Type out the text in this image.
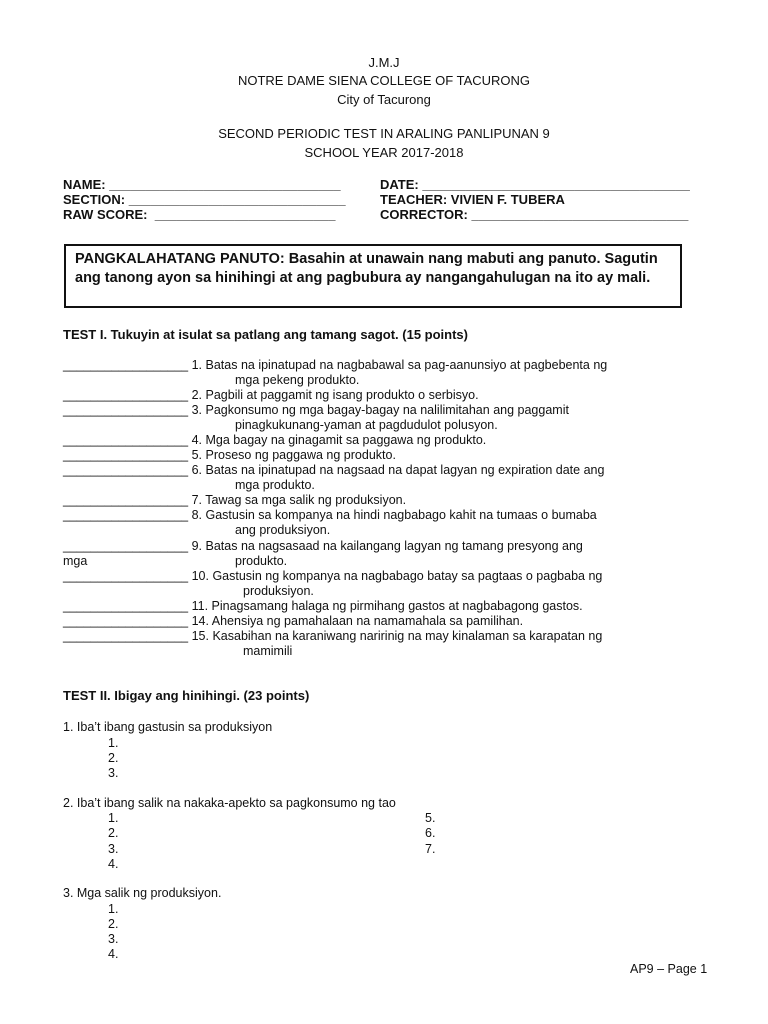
J.M.J
NOTRE DAME SIENA COLLEGE OF TACURONG
City of Tacurong
SECOND PERIODIC TEST IN ARALING PANLIPUNAN 9
SCHOOL YEAR 2017-2018
NAME: ________________________________	DATE: _____________________________________
SECTION: ______________________________	TEACHER: VIVIEN F. TUBERA
RAW SCORE:  _________________________	CORRECTOR: ______________________________
PANGKALAHATANG PANUTO: Basahin at unawain nang mabuti ang panuto. Sagutin ang tanong ayon sa hinihingi at ang pagbubura ay nangangahulugan na ito ay mali.
TEST I. Tukuyin at isulat sa patlang ang tamang sagot. (15 points)
__________________ 1. Batas na ipinatupad na nagbabawal sa pag-aanunsiyo at pagbebenta ng
mga pekeng produkto.
__________________ 2. Pagbili at paggamit ng isang produkto o serbisyo.
__________________ 3. Pagkonsumo ng mga bagay-bagay na nalilimitahan ang paggamit
pinagkukunang-yaman at pagdudulot polusyon.
__________________ 4. Mga bagay na ginagamit sa paggawa ng produkto.
__________________ 5. Proseso ng paggawa ng produkto.
__________________ 6. Batas na ipinatupad na nagsaad na dapat lagyan ng expiration date ang
mga produkto.
__________________ 7. Tawag sa mga salik ng produksiyon.
__________________ 8. Gastusin sa kompanya na hindi nagbabago kahit na tumaas o bumaba
ang produksiyon.
__________________ 9. Batas na nagsasaad na kailangang lagyan ng tamang presyong ang
mga	produkto.
__________________ 10. Gastusin ng kompanya na nagbabago batay sa pagtaas o pagbaba ng
produksiyon.
__________________ 11. Pinagsamang halaga ng pirmihang gastos at nagbabagong gastos.
__________________ 14. Ahensiya ng pamahalaan na namamahala sa pamilihan.
__________________ 15. Kasabihan na karaniwang naririnig na may kinalaman sa karapatan ng
mamimili
TEST II. Ibigay ang hinihingi. (23 points)
1. Iba’t ibang gastusin sa produksiyon
1.
2.
3.
2. Iba’t ibang salik na nakaka-apekto sa pagkonsumo ng tao
1.
2.
3.
4.
5.
6.
7.
3. Mga salik ng produksiyon.
1.
2.
3.
4.
AP9 – Page 1
